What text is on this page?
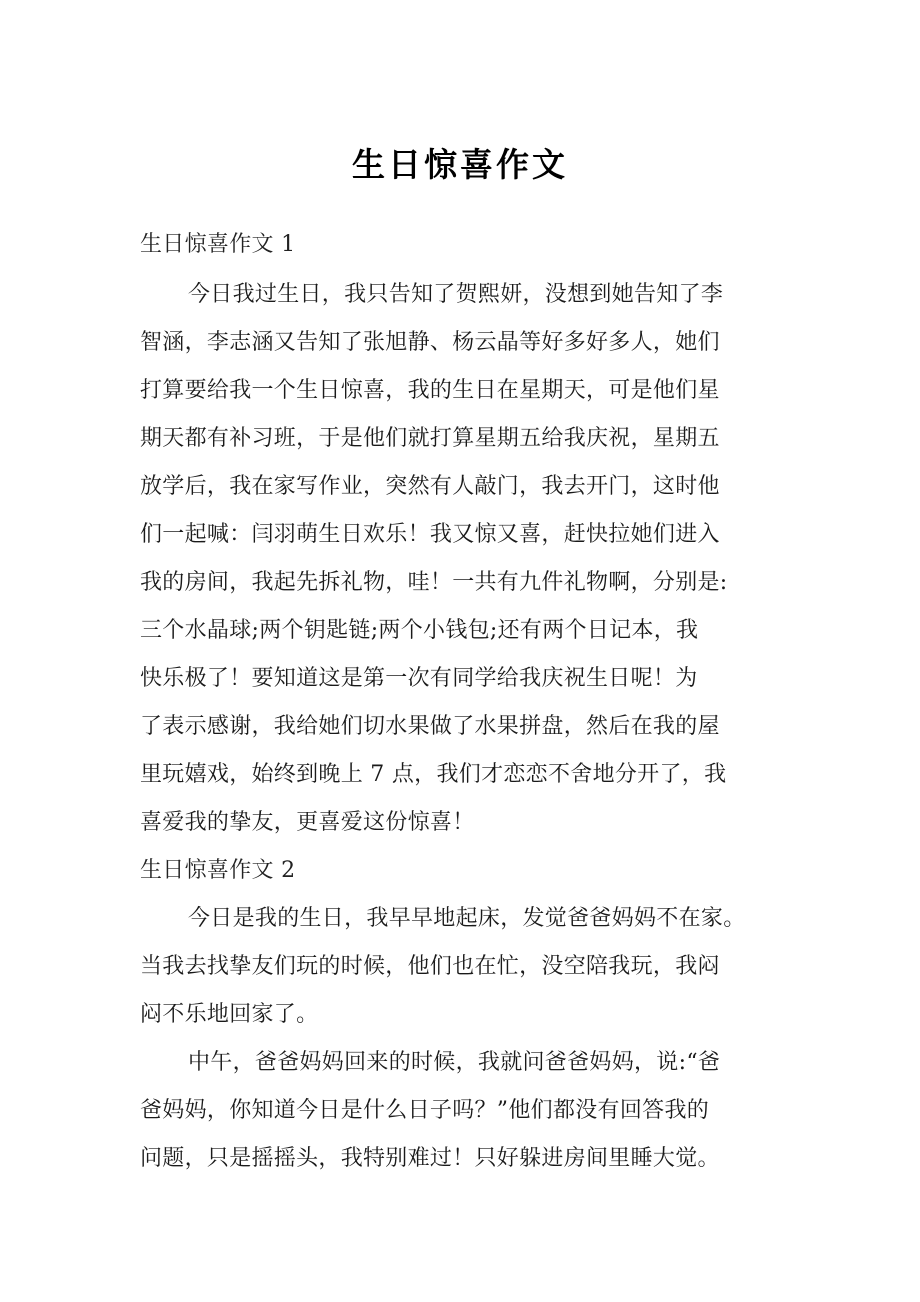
生日惊喜作文
生日惊喜作文 1
今日我过生日，我只告知了贺熙妍，没想到她告知了李
智涵，李志涵又告知了张旭静、杨云晶等好多好多人，她们
打算要给我一个生日惊喜，我的生日在星期天，可是他们星
期天都有补习班，于是他们就打算星期五给我庆祝，星期五
放学后，我在家写作业，突然有人敲门，我去开门，这时他
们一起喊：闫羽萌生日欢乐！我又惊又喜，赶快拉她们进入
我的房间，我起先拆礼物，哇！一共有九件礼物啊，分别是:
三个水晶球;两个钥匙链;两个小钱包;还有两个日记本，我
快乐极了！要知道这是第一次有同学给我庆祝生日呢！为
了表示感谢，我给她们切水果做了水果拼盘，然后在我的屋
里玩嬉戏，始终到晚上 7 点，我们才恋恋不舍地分开了，我
喜爱我的挚友，更喜爱这份惊喜！
生日惊喜作文 2
今日是我的生日，我早早地起床，发觉爸爸妈妈不在家。
当我去找挚友们玩的时候，他们也在忙，没空陪我玩，我闷
闷不乐地回家了。
中午，爸爸妈妈回来的时候，我就问爸爸妈妈，说:“爸
爸妈妈，你知道今日是什么日子吗？”他们都没有回答我的
问题，只是摇摇头，我特别难过！只好躲进房间里睡大觉。
